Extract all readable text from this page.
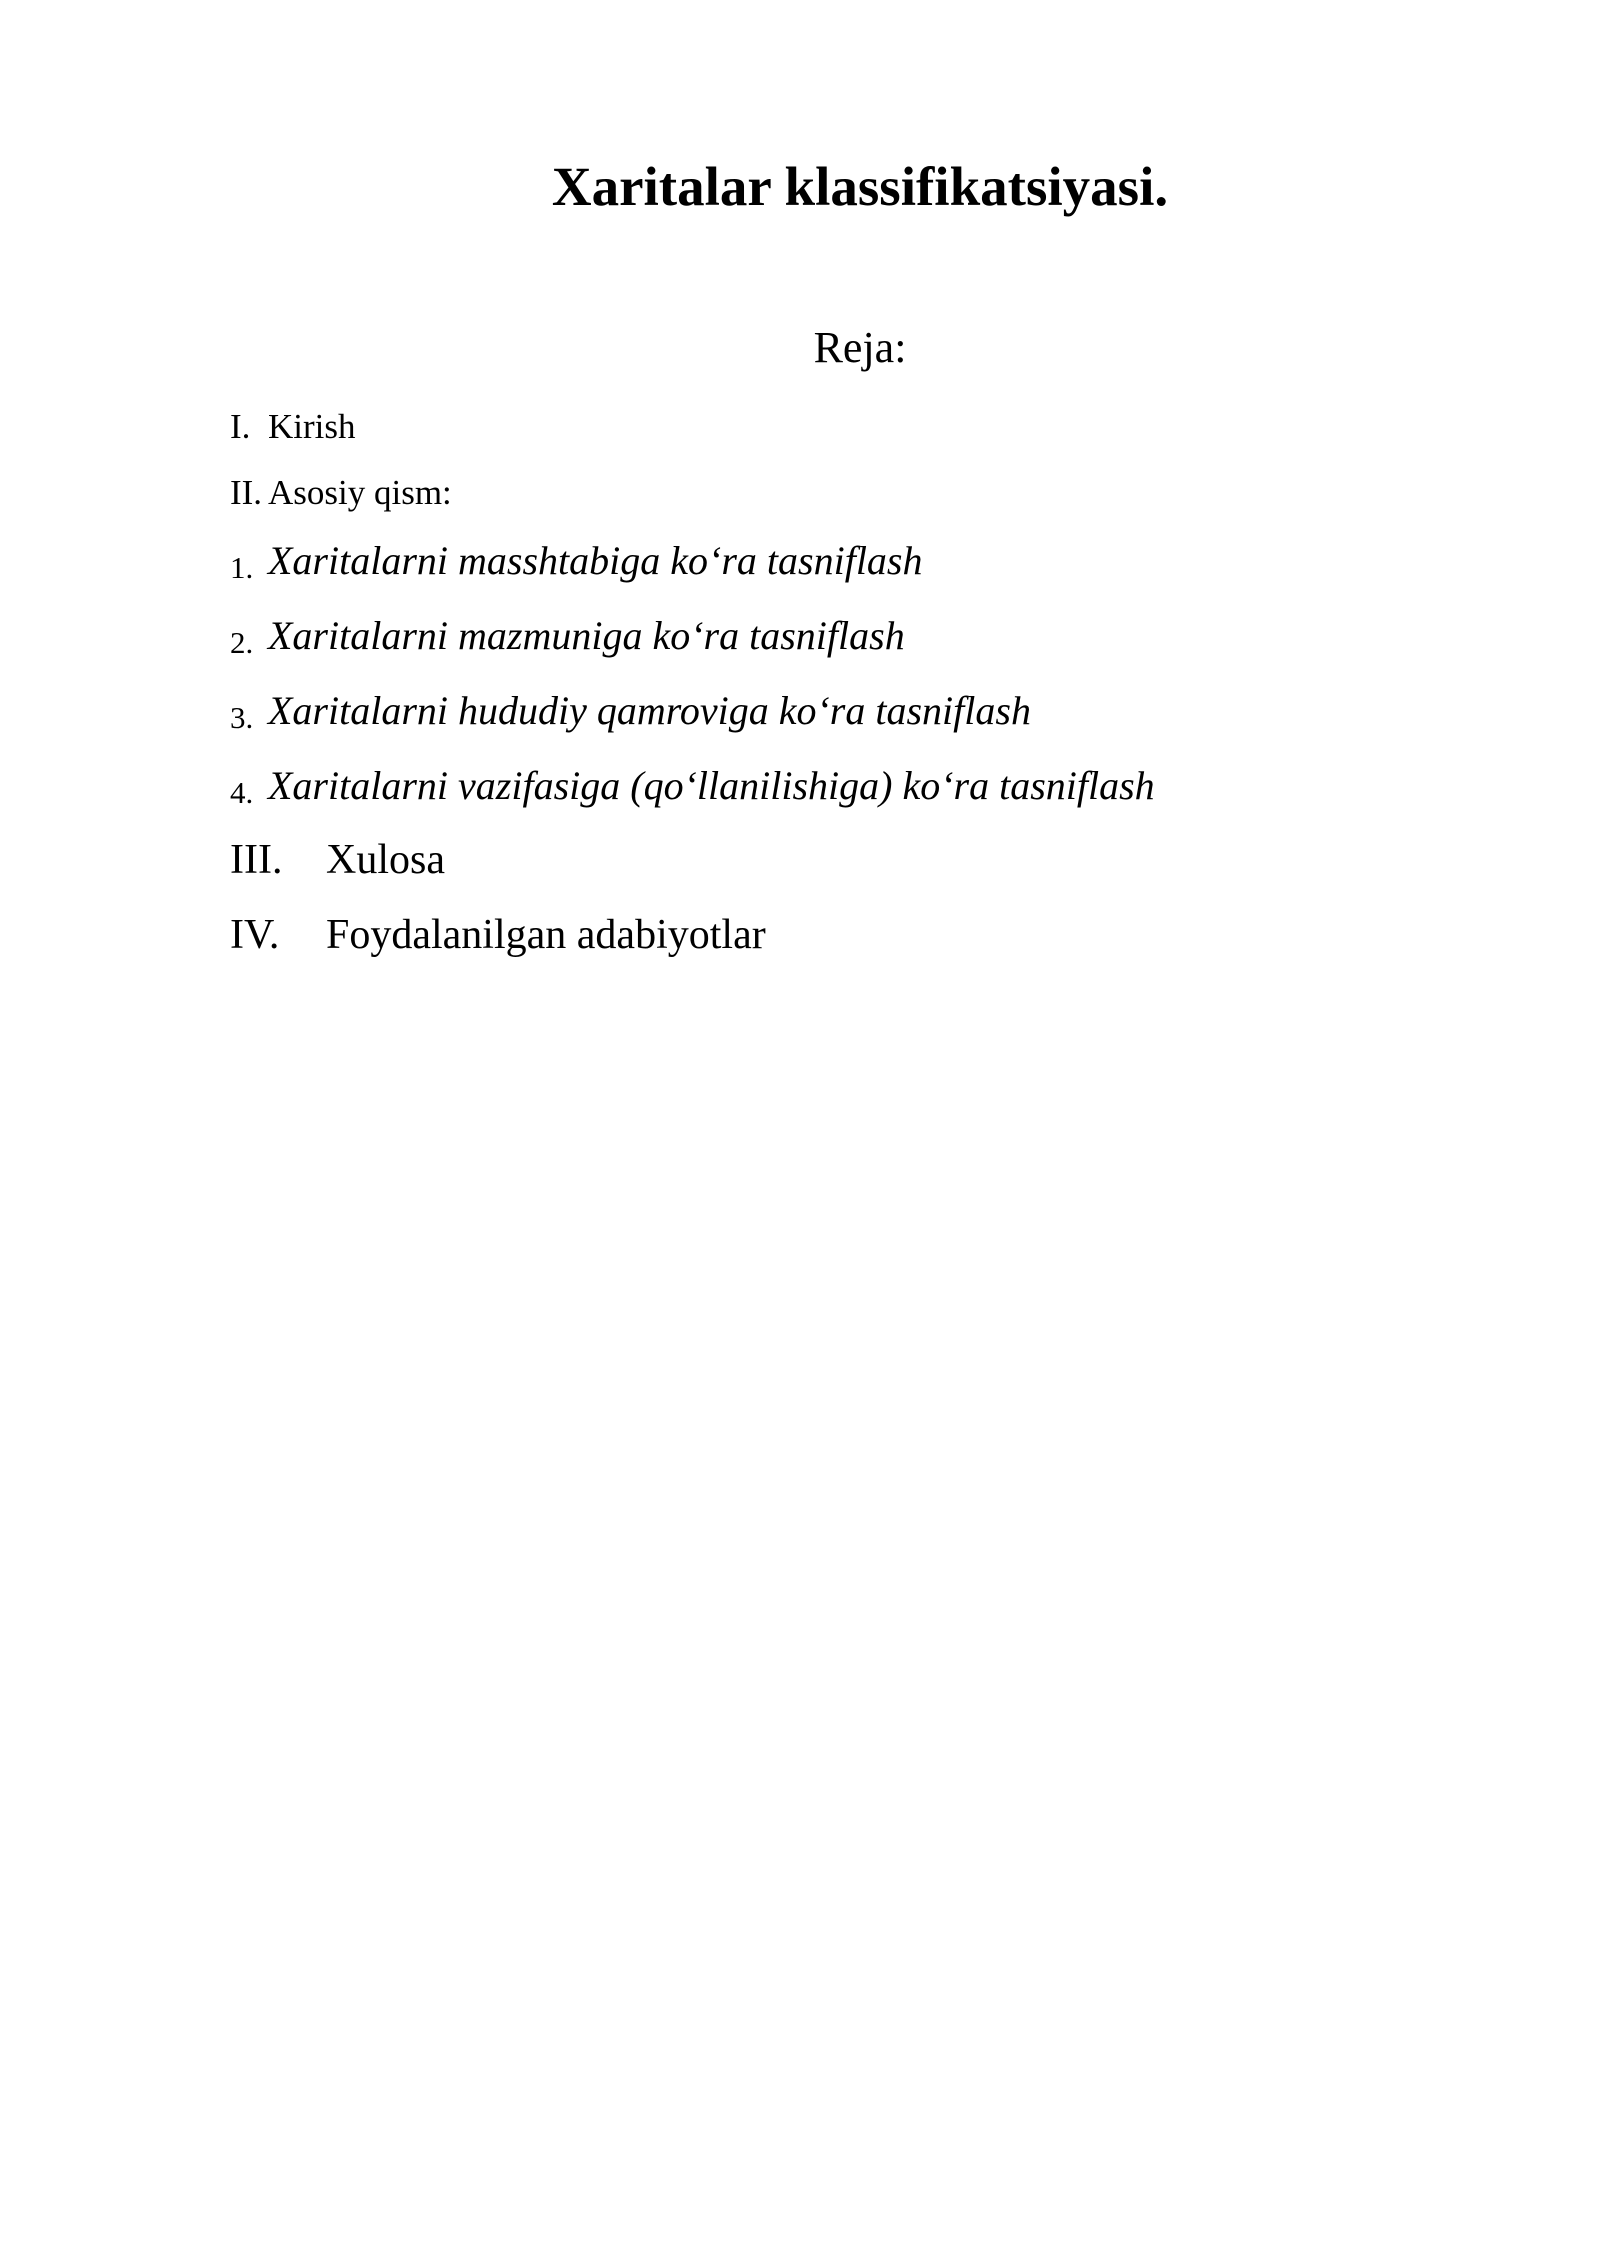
Xaritalar klassifikatsiyasi.
Reja:
I. Kirish
II. Asosiy qism:
1. Xaritalarni masshtabiga ko‘ra tasniflash
2. Xaritalarni mazmuniga ko‘ra tasniflash
3. Xaritalarni hududiy qamroviga ko‘ra tasniflash
4. Xaritalarni vazifasiga (qo‘llanilishiga) ko‘ra tasniflash
III. Xulosa
IV. Foydalanilgan adabiyotlar
